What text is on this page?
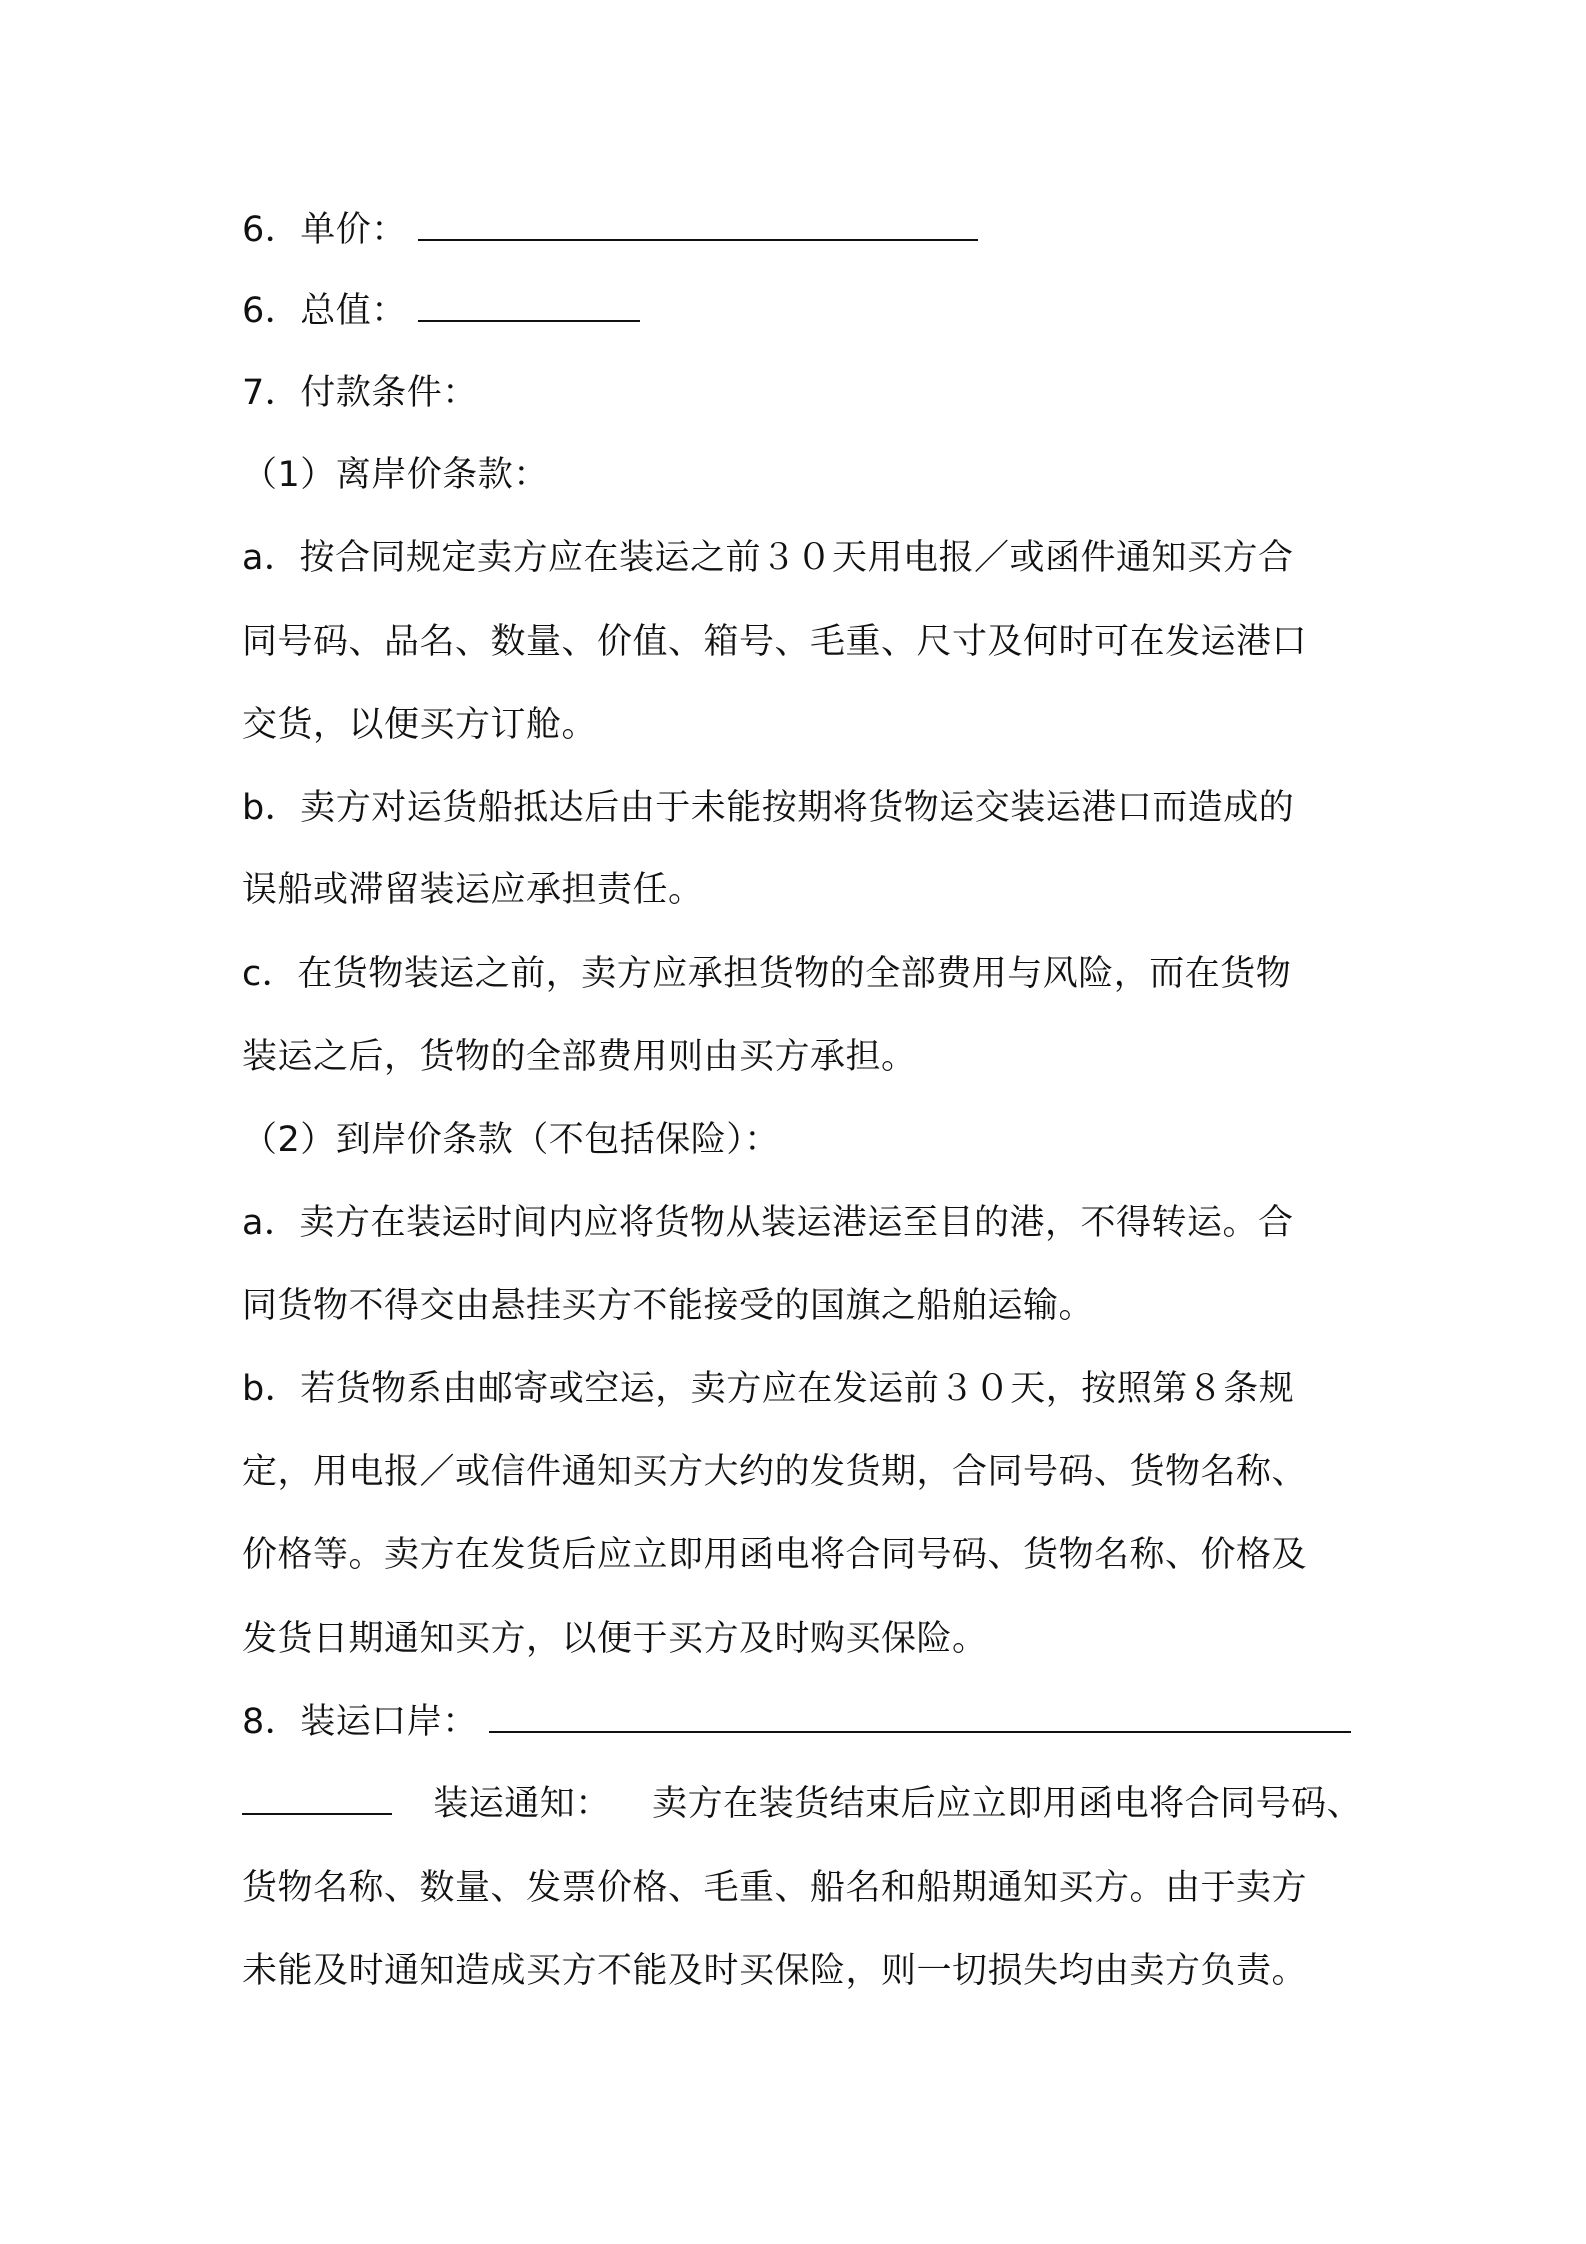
6．单价：
6．总值：
7．付款条件：
（1）离岸价条款：
a．按合同规定卖方应在装运之前３０天用电报／或函件通知买方合
同号码、品名、数量、价值、箱号、毛重、尺寸及何时可在发运港口
交货，以便买方订舱。
b．卖方对运货船抵达后由于未能按期将货物运交装运港口而造成的
误船或滞留装运应承担责任。
c．在货物装运之前，卖方应承担货物的全部费用与风险，而在货物
装运之后，货物的全部费用则由买方承担。
（2）到岸价条款（不包括保险）：
a．卖方在装运时间内应将货物从装运港运至目的港，不得转运。合
同货物不得交由悬挂买方不能接受的国旗之船舶运输。
b．若货物系由邮寄或空运，卖方应在发运前３０天，按照第８条规
定，用电报／或信件通知买方大约的发货期，合同号码、货物名称、
价格等。卖方在发货后应立即用函电将合同号码、货物名称、价格及
发货日期通知买方，以便于买方及时购买保险。
8．装运口岸：
装运通知： 卖方在装货结束后应立即用函电将合同号码、
货物名称、数量、发票价格、毛重、船名和船期通知买方。由于卖方
未能及时通知造成买方不能及时买保险，则一切损失均由卖方负责。
